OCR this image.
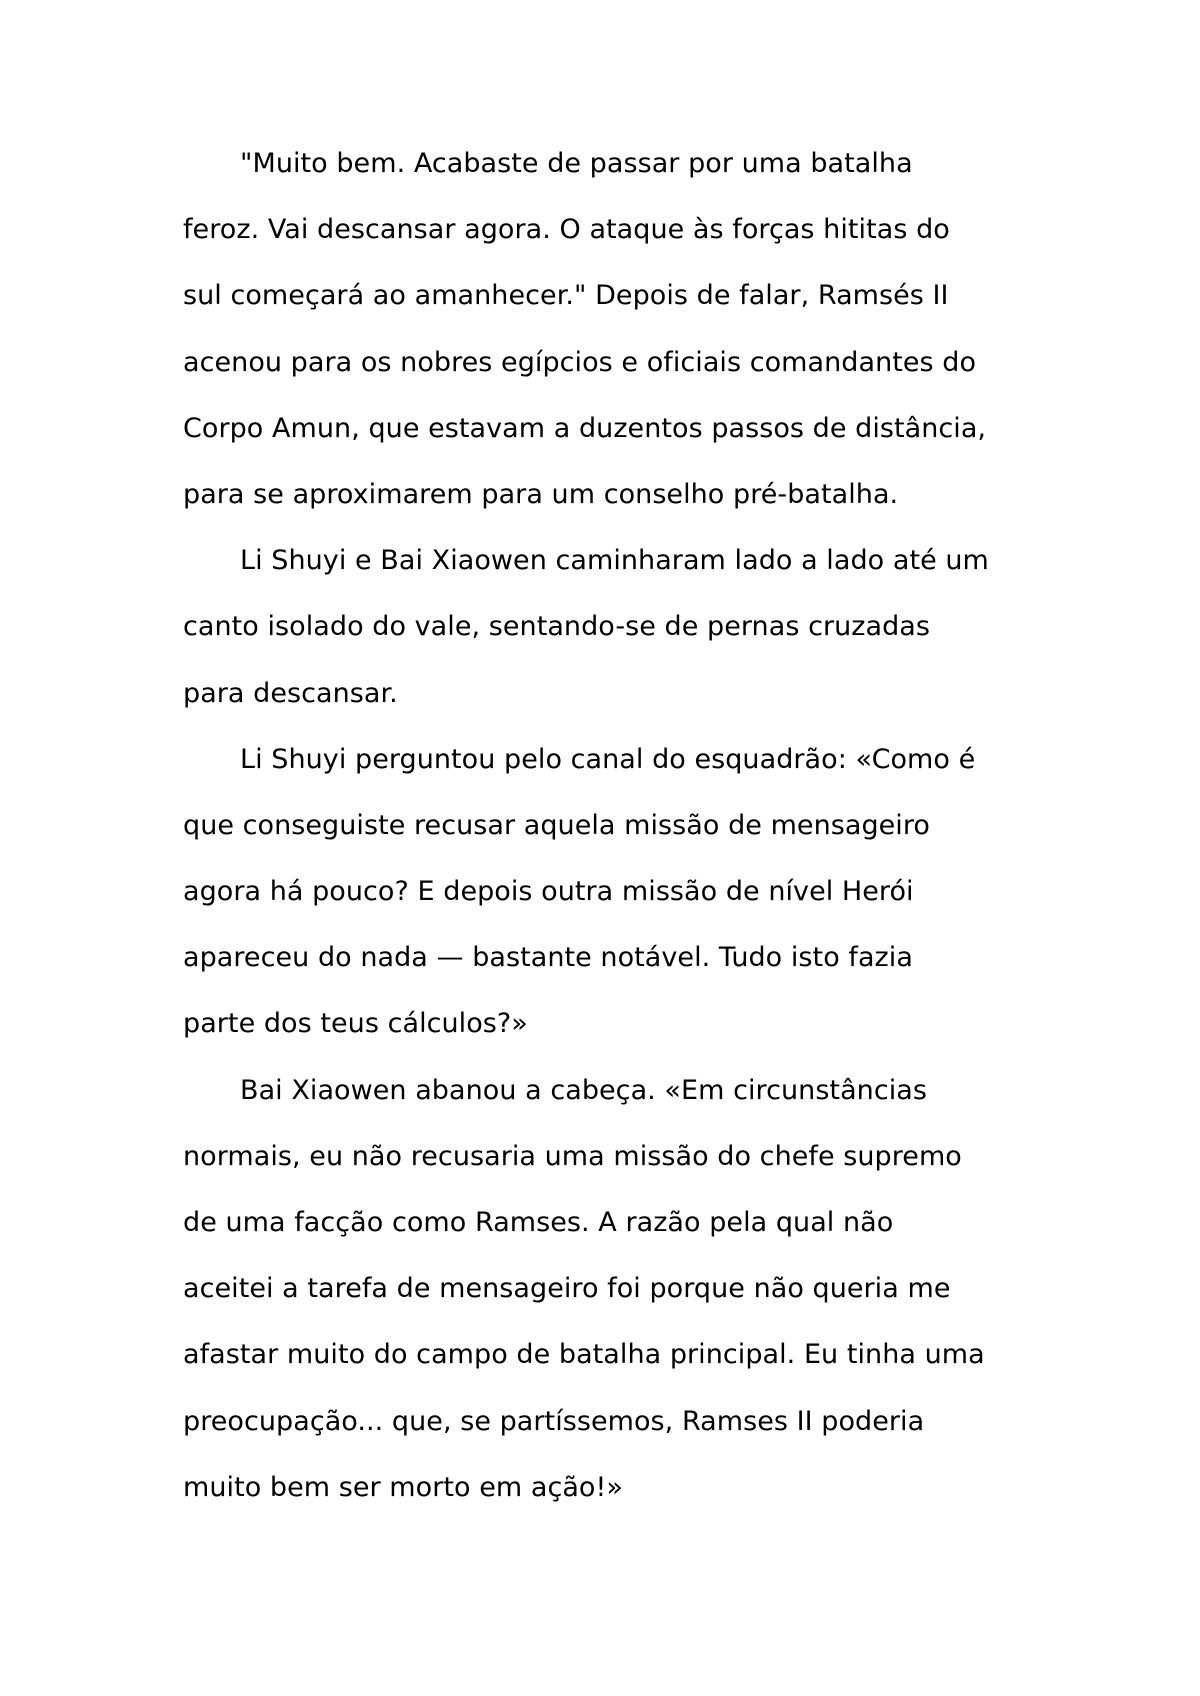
"Muito bem. Acabaste de passar por uma batalha
feroz. Vai descansar agora. O ataque às forças hititas do
sul começará ao amanhecer." Depois de falar, Ramsés II
acenou para os nobres egípcios e oficiais comandantes do
Corpo Amun, que estavam a duzentos passos de distância,
para se aproximarem para um conselho pré-batalha.
Li Shuyi e Bai Xiaowen caminharam lado a lado até um
canto isolado do vale, sentando-se de pernas cruzadas
para descansar.
Li Shuyi perguntou pelo canal do esquadrão: «Como é
que conseguiste recusar aquela missão de mensageiro
agora há pouco? E depois outra missão de nível Herói
apareceu do nada — bastante notável. Tudo isto fazia
parte dos teus cálculos?»
Bai Xiaowen abanou a cabeça. «Em circunstâncias
normais, eu não recusaria uma missão do chefe supremo
de uma facção como Ramses. A razão pela qual não
aceitei a tarefa de mensageiro foi porque não queria me
afastar muito do campo de batalha principal. Eu tinha uma
preocupação... que, se partíssemos, Ramses II poderia
muito bem ser morto em ação!»
